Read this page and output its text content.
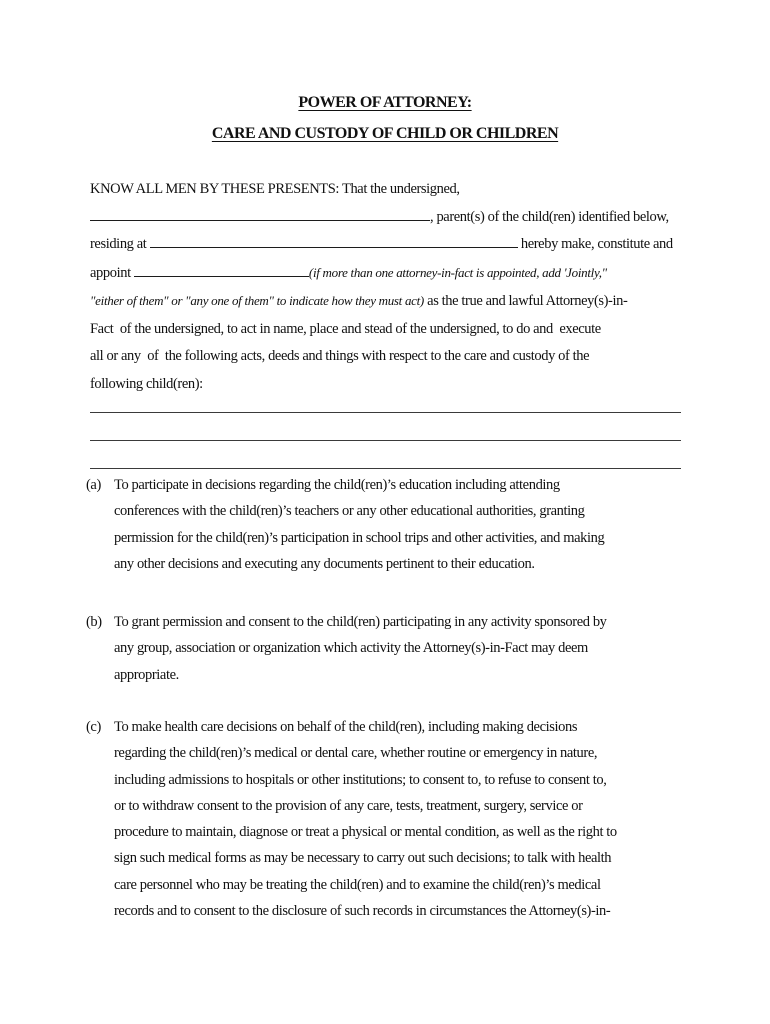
POWER OF ATTORNEY:
CARE AND CUSTODY OF CHILD OR CHILDREN
KNOW ALL MEN BY THESE PRESENTS: That the undersigned,
, parent(s) of the child(ren) identified below,
residing at	hereby make, constitute and
appoint	(if more than one attorney-in-fact is appointed, add 'Jointly,"
"either of them" or "any one of them" to indicate how they must act) as the true and lawful Attorney(s)-in-
Fact  of the undersigned, to act in name, place and stead of the undersigned, to do and  execute
all or any  of  the following acts, deeds and things with respect to the care and custody of the
following child(ren):
(a) To participate in decisions regarding the child(ren)’s education including attending
conferences with the child(ren)’s teachers or any other educational authorities, granting
permission for the child(ren)’s participation in school trips and other activities, and making
any other decisions and executing any documents pertinent to their education.
(b) To grant permission and consent to the child(ren) participating in any activity sponsored by
any group, association or organization which activity the Attorney(s)-in-Fact may deem
appropriate.
(c) To make health care decisions on behalf of the child(ren), including making decisions
regarding the child(ren)’s medical or dental care, whether routine or emergency in nature,
including admissions to hospitals or other institutions; to consent to, to refuse to consent to,
or to withdraw consent to the provision of any care, tests, treatment, surgery, service or
procedure to maintain, diagnose or treat a physical or mental condition, as well as the right to
sign such medical forms as may be necessary to carry out such decisions; to talk with health
care personnel who may be treating the child(ren) and to examine the child(ren)’s medical
records and to consent to the disclosure of such records in circumstances the Attorney(s)-in-
